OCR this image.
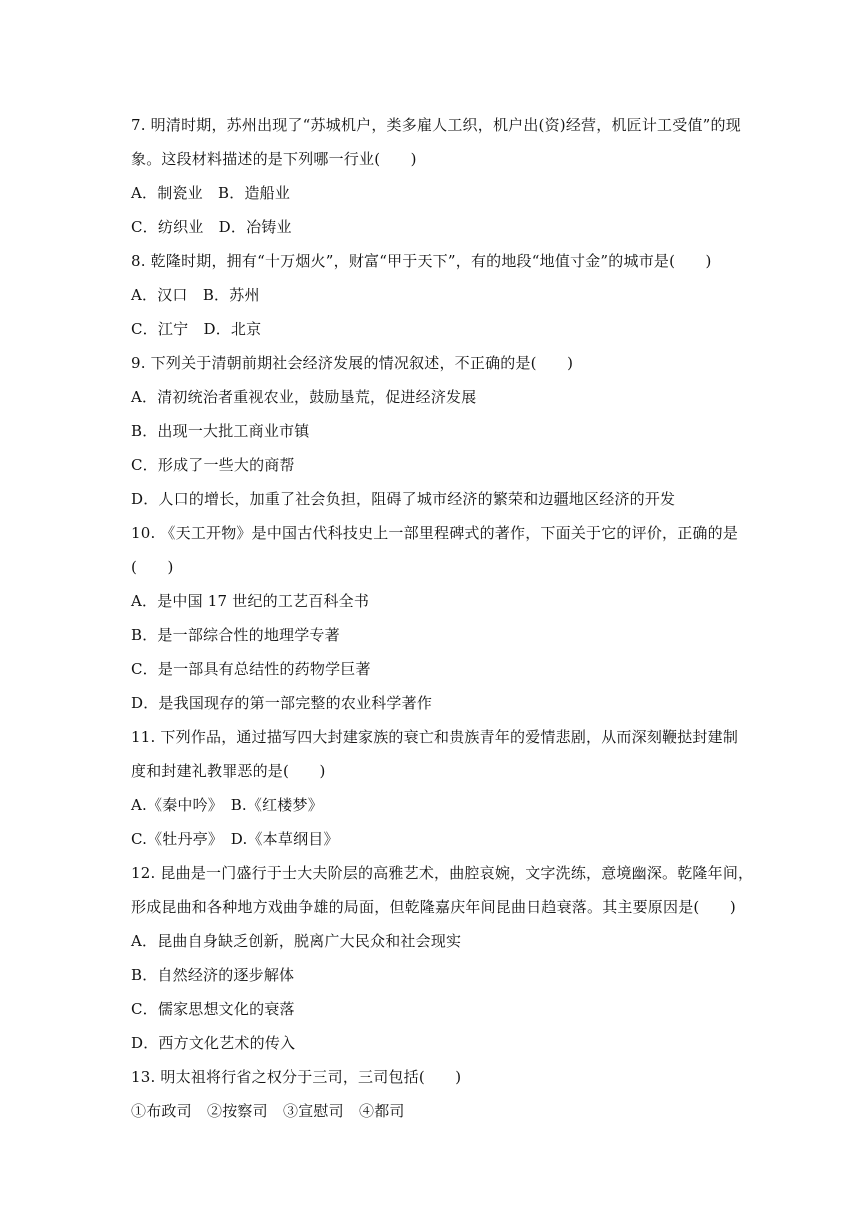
7. 明清时期，苏州出现了“苏城机户，类多雇人工织，机户出(资)经营，机匠计工受值”的现
象。这段材料描述的是下列哪一行业(　　)
A．制瓷业　B．造船业
C．纺织业　D．冶铸业
8. 乾隆时期，拥有“十万烟火”，财富“甲于天下”，有的地段“地值寸金”的城市是(　　)
A．汉口　B．苏州
C．江宁　D．北京
9. 下列关于清朝前期社会经济发展的情况叙述，不正确的是(　　)
A．清初统治者重视农业，鼓励垦荒，促进经济发展
B．出现一大批工商业市镇
C．形成了一些大的商帮
D．人口的增长，加重了社会负担，阻碍了城市经济的繁荣和边疆地区经济的开发
10. 《天工开物》是中国古代科技史上一部里程碑式的著作，下面关于它的评价，正确的是
(　　)
A．是中国 17 世纪的工艺百科全书
B．是一部综合性的地理学专著
C．是一部具有总结性的药物学巨著
D．是我国现存的第一部完整的农业科学著作
11. 下列作品，通过描写四大封建家族的衰亡和贵族青年的爱情悲剧，从而深刻鞭挞封建制
度和封建礼教罪恶的是(　　)
A.《秦中吟》　B.《红楼梦》
C.《牡丹亭》　D.《本草纲目》
12. 昆曲是一门盛行于士大夫阶层的高雅艺术，曲腔哀婉，文字洗练，意境幽深。乾隆年间，
形成昆曲和各种地方戏曲争雄的局面，但乾隆嘉庆年间昆曲日趋衰落。其主要原因是(　　)
A．昆曲自身缺乏创新，脱离广大民众和社会现实
B．自然经济的逐步解体
C．儒家思想文化的衰落
D．西方文化艺术的传入
13. 明太祖将行省之权分于三司，三司包括(　　)
①布政司　②按察司　③宣慰司　④都司
